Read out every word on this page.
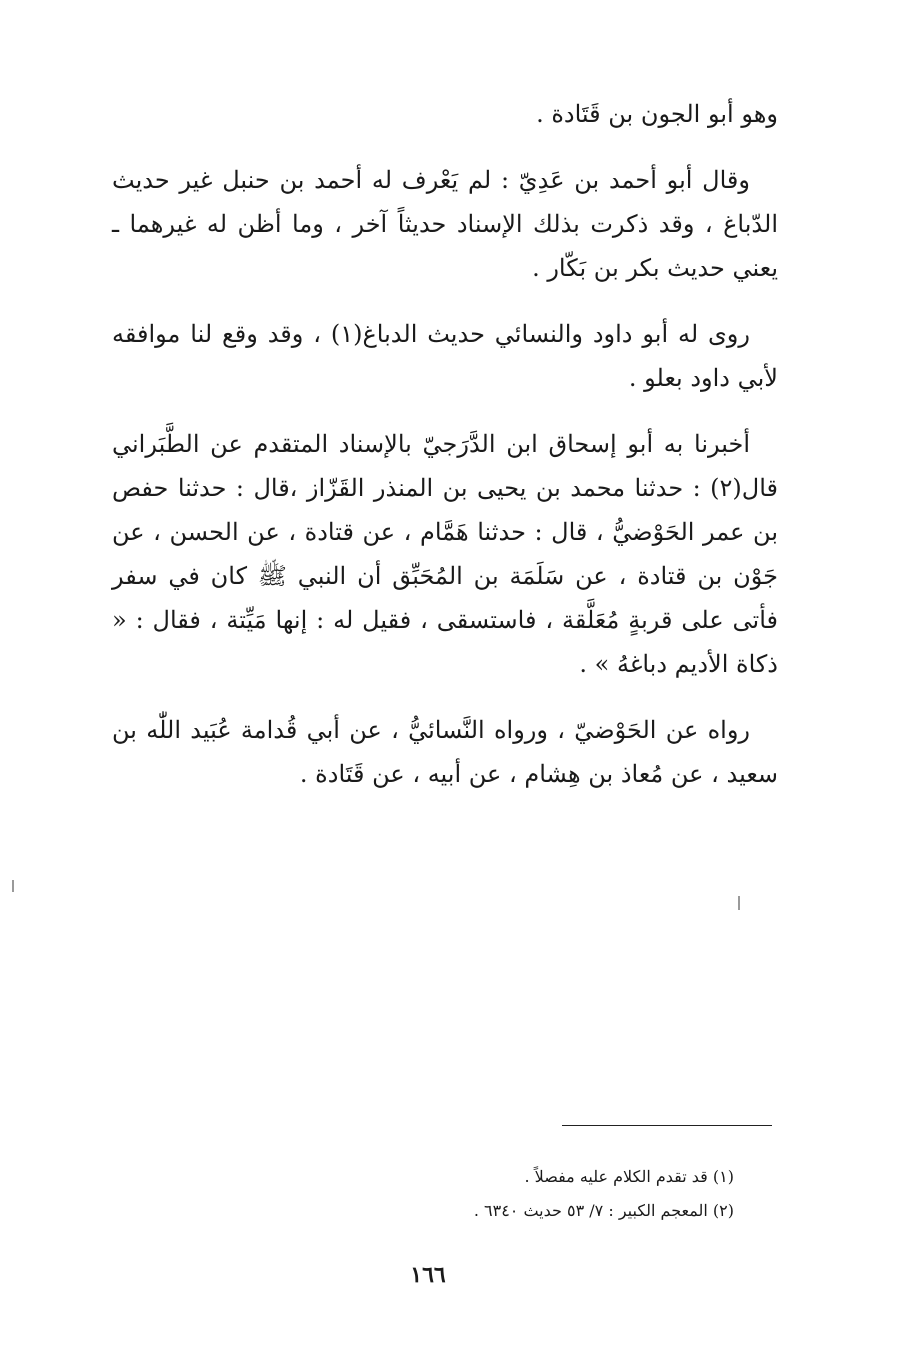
وهو أبو الجون بن قَتَادة .

وقال أبو أحمد بن عَدِيّ : لم يَعْرف له أحمد بن حنبل غير حديث الدّباغ ، وقد ذكرت بذلك الإسناد حديثاً آخر ، وما أظن له غيرهما ـ يعني حديث بكر بن بَكّار .

روى له أبو داود والنسائي حديث الدباغ(١) ، وقد وقع لنا موافقه لأبي داود بعلو .

أخبرنا به أبو إسحاق ابن الدَّرَجيّ بالإسناد المتقدم عن الطَّبَراني قال(٢) : حدثنا محمد بن يحيى بن المنذر القَزّاز ،قال : حدثنا حفص بن عمر الحَوْضيُّ ، قال : حدثنا هَمَّام ، عن قتادة ، عن الحسن ، عن جَوْن بن قتادة ، عن سَلَمَة بن المُحَبِّق أن النبي ﷺ كان في سفر فأتى على قربةٍ مُعَلَّقة ، فاستسقى ، فقيل له : إنها مَيِّتة ، فقال : « ذكاة الأديم دباغهُ » .

رواه عن الحَوْضيّ ، ورواه النَّسائيُّ ، عن أبي قُدامة عُبَيد اللّٰه بن سعيد ، عن مُعاذ بن هِشام ، عن أبيه ، عن قَتَادة .

(١) قد تقدم الكلام عليه مفصلاً .
(٢) المعجم الكبير : ٧/ ٥٣ حديث ٦٣٤٠ .
١٦٦
